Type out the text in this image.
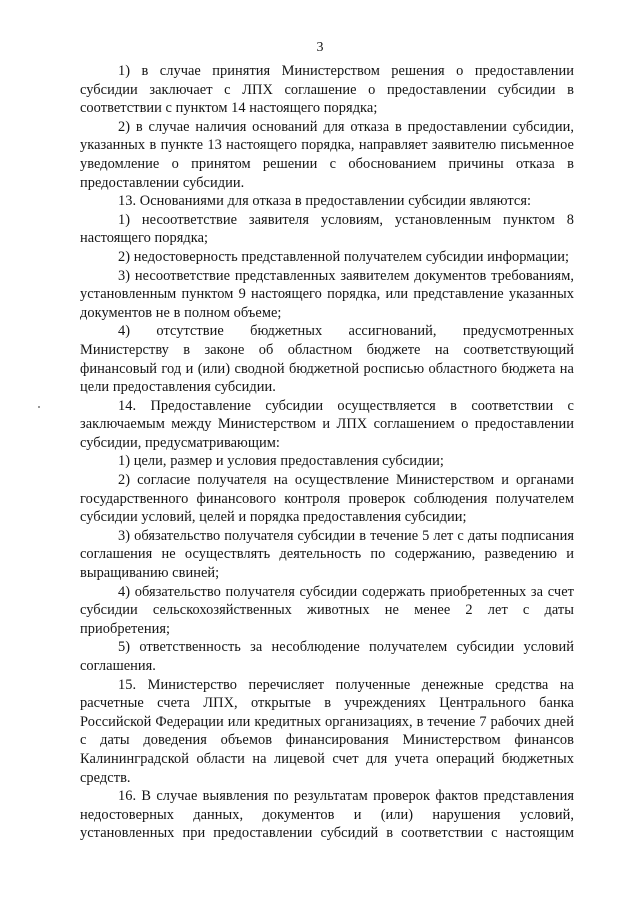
3

1) в случае принятия Министерством решения о предоставлении субсидии заключает с ЛПХ соглашение о предоставлении субсидии в соответствии с пунктом 14 настоящего порядка;

2) в случае наличия оснований для отказа в предоставлении субсидии, указанных в пункте 13 настоящего порядка, направляет заявителю письменное уведомление о принятом решении с обоснованием причины отказа в предоставлении субсидии.

13. Основаниями для отказа в предоставлении субсидии являются:

1) несоответствие заявителя условиям, установленным пунктом 8 настоящего порядка;

2) недостоверность представленной получателем субсидии информации;

3) несоответствие представленных заявителем документов требованиям, установленным пунктом 9 настоящего порядка, или представление указанных документов не в полном объеме;

4) отсутствие бюджетных ассигнований, предусмотренных Министерству в законе об областном бюджете на соответствующий финансовый год и (или) сводной бюджетной росписью областного бюджета на цели предоставления субсидии.

14. Предоставление субсидии осуществляется в соответствии с заключаемым между Министерством и ЛПХ соглашением о предоставлении субсидии, предусматривающим:

1) цели, размер и условия предоставления субсидии;

2) согласие получателя на осуществление Министерством и органами государственного финансового контроля проверок соблюдения получателем субсидии условий, целей и порядка предоставления субсидии;

3) обязательство получателя субсидии в течение 5 лет с даты подписания соглашения не осуществлять деятельность по содержанию, разведению и выращиванию свиней;

4) обязательство получателя субсидии содержать приобретенных за счет субсидии сельскохозяйственных животных не менее 2 лет с даты приобретения;

5) ответственность за несоблюдение получателем субсидии условий соглашения.

15. Министерство перечисляет полученные денежные средства на расчетные счета ЛПХ, открытые в учреждениях Центрального банка Российской Федерации или кредитных организациях, в течение 7 рабочих дней с даты доведения объемов финансирования Министерством финансов Калининградской области на лицевой счет для учета операций бюджетных средств.

16. В случае выявления по результатам проверок фактов представления недостоверных данных, документов и (или) нарушения условий, установленных при предоставлении субсидий в соответствии с настоящим
